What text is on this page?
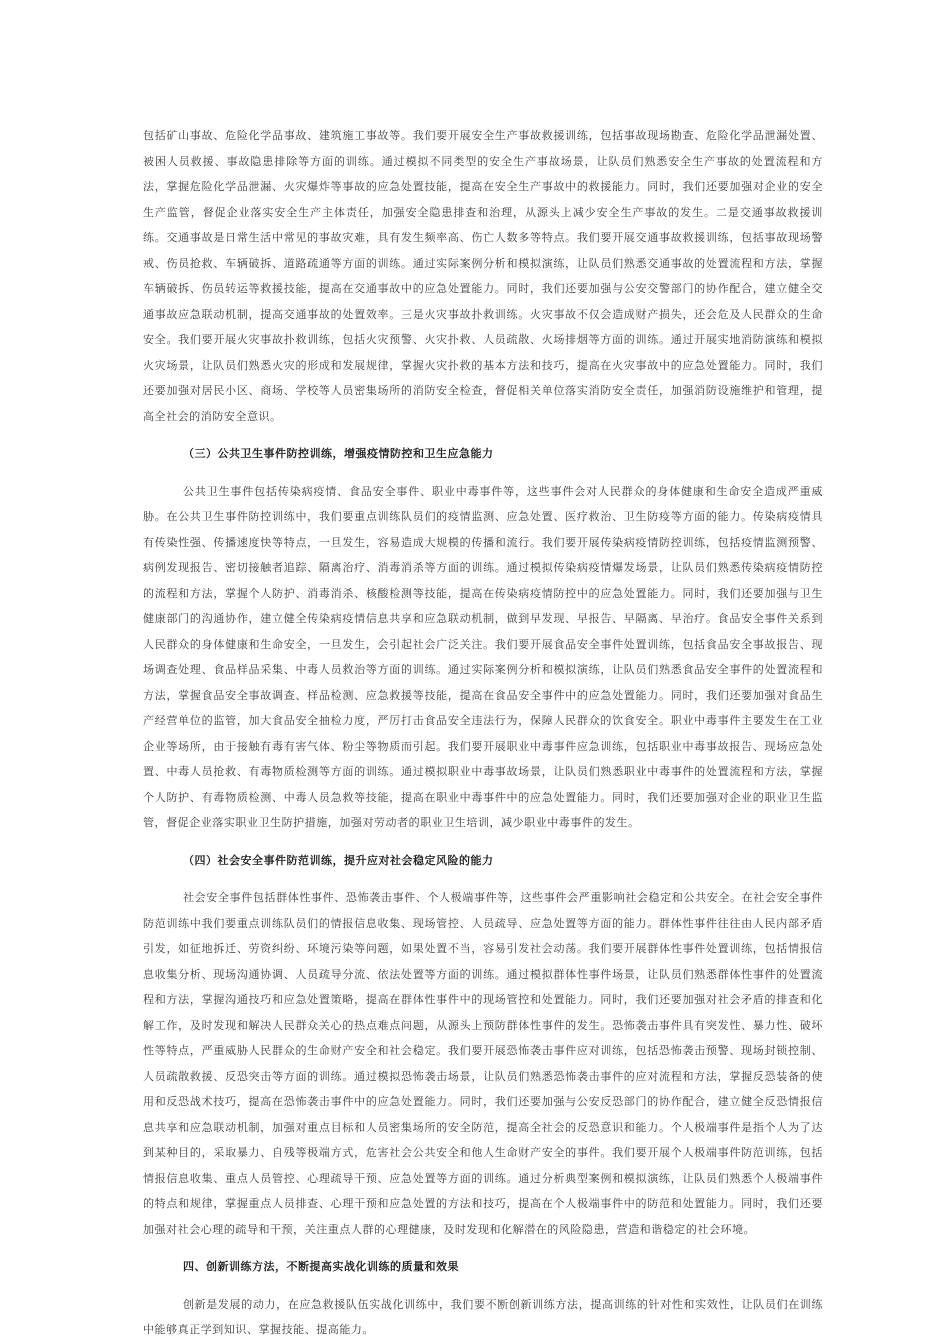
包括矿山事故、危险化学品事故、建筑施工事故等。我们要开展安全生产事故救援训练，包括事故现场勘查、危险化学品泄漏处置、被困人员救援、事故隐患排除等方面的训练。通过模拟不同类型的安全生产事故场景，让队员们熟悉安全生产事故的处置流程和方法，掌握危险化学品泄漏、火灾爆炸等事故的应急处置技能，提高在安全生产事故中的救援能力。同时，我们还要加强对企业的安全生产监管，督促企业落实安全生产主体责任，加强安全隐患排查和治理，从源头上减少安全生产事故的发生。二是交通事故救援训练。交通事故是日常生活中常见的事故灾难，具有发生频率高、伤亡人数多等特点。我们要开展交通事故救援训练，包括事故现场警戒、伤员抢救、车辆破拆、道路疏通等方面的训练。通过实际案例分析和模拟演练，让队员们熟悉交通事故的处置流程和方法，掌握车辆破拆、伤员转运等救援技能，提高在交通事故中的应急处置能力。同时，我们还要加强与公安交警部门的协作配合，建立健全交通事故应急联动机制，提高交通事故的处置效率。三是火灾事故扑救训练。火灾事故不仅会造成财产损失，还会危及人民群众的生命安全。我们要开展火灾事故扑救训练，包括火灾预警、火灾扑救、人员疏散、火场排烟等方面的训练。通过开展实地消防演练和模拟火灾场景，让队员们熟悉火灾的形成和发展规律，掌握火灾扑救的基本方法和技巧，提高在火灾事故中的应急处置能力。同时，我们还要加强对居民小区、商场、学校等人员密集场所的消防安全检查，督促相关单位落实消防安全责任，加强消防设施维护和管理，提高全社会的消防安全意识。

（三）公共卫生事件防控训练，增强疫情防控和卫生应急能力

公共卫生事件包括传染病疫情、食品安全事件、职业中毒事件等，这些事件会对人民群众的身体健康和生命安全造成严重威胁。在公共卫生事件防控训练中，我们要重点训练队员们的疫情监测、应急处置、医疗救治、卫生防疫等方面的能力。传染病疫情具有传染性强、传播速度快等特点，一旦发生，容易造成大规模的传播和流行。我们要开展传染病疫情防控训练，包括疫情监测预警、病例发现报告、密切接触者追踪、隔离治疗、消毒消杀等方面的训练。通过模拟传染病疫情爆发场景，让队员们熟悉传染病疫情防控的流程和方法，掌握个人防护、消毒消杀、核酸检测等技能，提高在传染病疫情防控中的应急处置能力。同时，我们还要加强与卫生健康部门的沟通协作，建立健全传染病疫情信息共享和应急联动机制，做到早发现、早报告、早隔离、早治疗。食品安全事件关系到人民群众的身体健康和生命安全，一旦发生，会引起社会广泛关注。我们要开展食品安全事件处置训练，包括食品安全事故报告、现场调查处理、食品样品采集、中毒人员救治等方面的训练。通过实际案例分析和模拟演练，让队员们熟悉食品安全事件的处置流程和方法，掌握食品安全事故调查、样品检测、应急救援等技能，提高在食品安全事件中的应急处置能力。同时，我们还要加强对食品生产经营单位的监管，加大食品安全抽检力度，严厉打击食品安全违法行为，保障人民群众的饮食安全。职业中毒事件主要发生在工业企业等场所，由于接触有毒有害气体、粉尘等物质而引起。我们要开展职业中毒事件应急训练，包括职业中毒事故报告、现场应急处置、中毒人员抢救、有毒物质检测等方面的训练。通过模拟职业中毒事故场景，让队员们熟悉职业中毒事件的处置流程和方法，掌握个人防护、有毒物质检测、中毒人员急救等技能，提高在职业中毒事件中的应急处置能力。同时，我们还要加强对企业的职业卫生监管，督促企业落实职业卫生防护措施，加强对劳动者的职业卫生培训，减少职业中毒事件的发生。

（四）社会安全事件防范训练，提升应对社会稳定风险的能力

社会安全事件包括群体性事件、恐怖袭击事件、个人极端事件等，这些事件会严重影响社会稳定和公共安全。在社会安全事件防范训练中我们要重点训练队员们的情报信息收集、现场管控、人员疏导、应急处置等方面的能力。群体性事件往往由人民内部矛盾引发，如征地拆迁、劳资纠纷、环境污染等问题，如果处置不当，容易引发社会动荡。我们要开展群体性事件处置训练，包括情报信息收集分析、现场沟通协调、人员疏导分流、依法处置等方面的训练。通过模拟群体性事件场景，让队员们熟悉群体性事件的处置流程和方法，掌握沟通技巧和应急处置策略，提高在群体性事件中的现场管控和处置能力。同时，我们还要加强对社会矛盾的排查和化解工作，及时发现和解决人民群众关心的热点难点问题，从源头上预防群体性事件的发生。恐怖袭击事件具有突发性、暴力性、破坏性等特点，严重威胁人民群众的生命财产安全和社会稳定。我们要开展恐怖袭击事件应对训练，包括恐怖袭击预警、现场封锁控制、人员疏散救援、反恐突击等方面的训练。通过模拟恐怖袭击场景，让队员们熟悉恐怖袭击事件的应对流程和方法，掌握反恐装备的使用和反恐战术技巧，提高在恐怖袭击事件中的应急处置能力。同时，我们还要加强与公安反恐部门的协作配合，建立健全反恐情报信息共享和应急联动机制，加强对重点目标和人员密集场所的安全防范，提高全社会的反恐意识和能力。个人极端事件是指个人为了达到某种目的，采取暴力、自残等极端方式，危害社会公共安全和他人生命财产安全的事件。我们要开展个人极端事件防范训练，包括情报信息收集、重点人员管控、心理疏导干预、应急处置等方面的训练。通过分析典型案例和模拟演练，让队员们熟悉个人极端事件的特点和规律，掌握重点人员排查、心理干预和应急处置的方法和技巧，提高在个人极端事件中的防范和处置能力。同时，我们还要加强对社会心理的疏导和干预，关注重点人群的心理健康，及时发现和化解潜在的风险隐患，营造和谐稳定的社会环境。

四、创新训练方法，不断提高实战化训练的质量和效果

创新是发展的动力，在应急救援队伍实战化训练中，我们要不断创新训练方法，提高训练的针对性和实效性，让队员们在训练中能够真正学到知识、掌握技能、提高能力。
